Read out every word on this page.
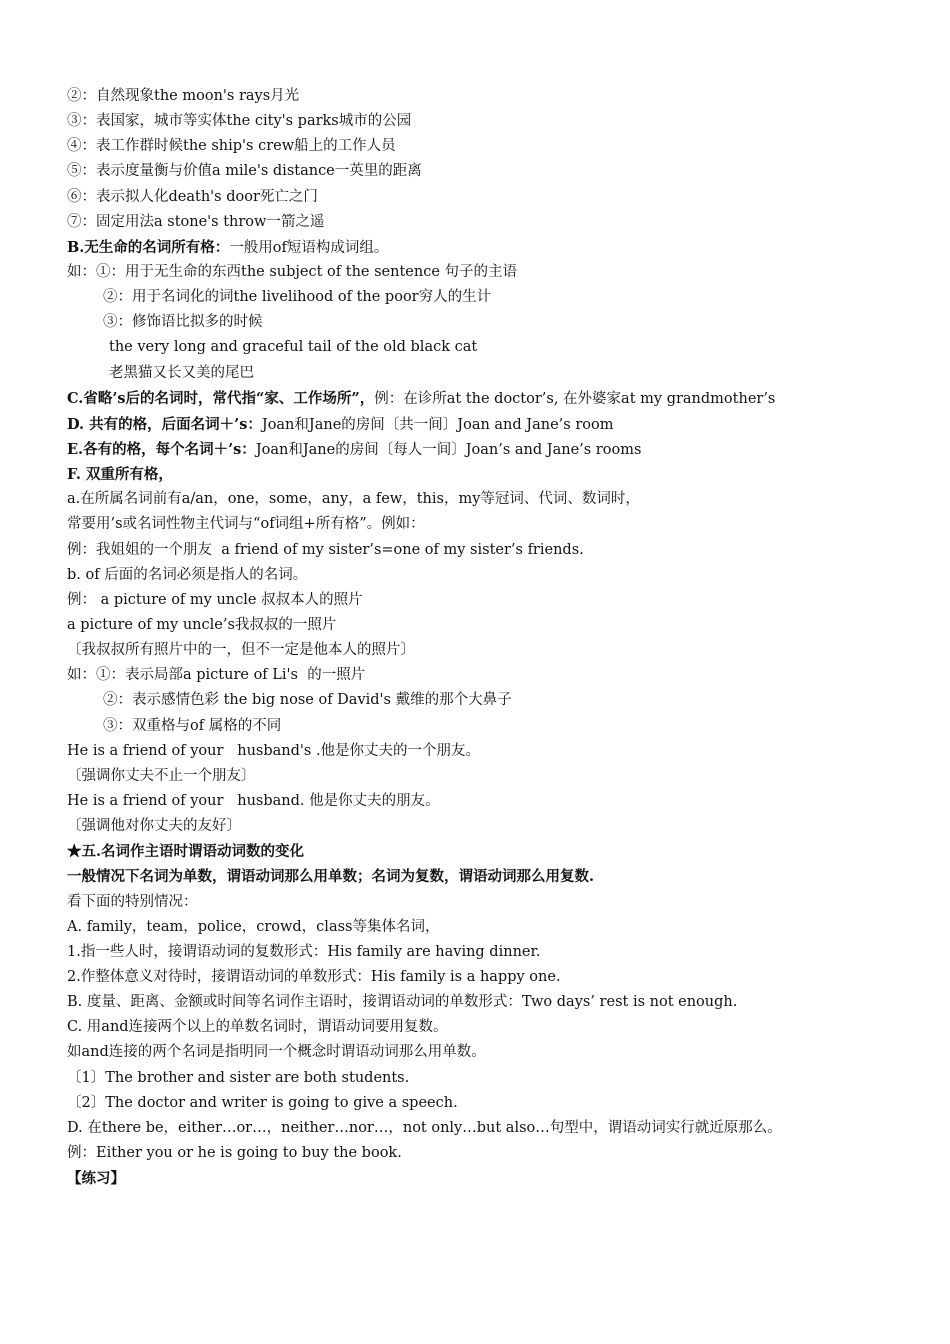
②：自然现象the moon's rays月光
③：表国家，城市等实体the city's parks城市的公园
④：表工作群时候the ship's crew船上的工作人员
⑤：表示度量衡与价值a mile's distance一英里的距离
⑥：表示拟人化death's door死亡之门
⑦：固定用法a stone's throw一箭之遥
B.无生命的名词所有格：一般用of短语构成词组。
如：①：用于无生命的东西the subject of the sentence 句子的主语
②：用于名词化的词the livelihood of the poor穷人的生计
③：修饰语比拟多的时候
the very long and graceful tail of the old black cat
老黑猫又长又美的尾巴
C.省略’s后的名词时，常代指“家、工作场所”，例：在诊所at the doctor’s, 在外婆家at my grandmother’s
D. 共有的格，后面名词＋’s：Joan和Jane的房间〔共一间〕Joan and Jane’s room
E.各有的格，每个名词＋’s：Joan和Jane的房间〔每人一间〕Joan’s and Jane’s rooms
F. 双重所有格，
a.在所属名词前有a/an，one，some，any，a few，this，my等冠词、代词、数词时，
常要用’s或名词性物主代词与“of词组+所有格”。例如：
例：我姐姐的一个朋友  a friend of my sister’s=one of my sister’s friends.
b. of 后面的名词必须是指人的名词。
例： a picture of my uncle 叔叔本人的照片
a picture of my uncle’s我叔叔的一照片
〔我叔叔所有照片中的一，但不一定是他本人的照片〕
如：①：表示局部a picture of Li's  的一照片
②：表示感情色彩 the big nose of David's 戴维的那个大鼻子
③：双重格与of 属格的不同
He is a friend of your   husband's .他是你丈夫的一个朋友。
〔强调你丈夫不止一个朋友〕
He is a friend of your   husband. 他是你丈夫的朋友。
〔强调他对你丈夫的友好〕
★五.名词作主语时谓语动词数的变化
一般情况下名词为单数，谓语动词那么用单数；名词为复数，谓语动词那么用复数.
看下面的特别情况：
A. family，team，police，crowd，class等集体名词，
1.指一些人时，接谓语动词的复数形式：His family are having dinner.
2.作整体意义对待时，接谓语动词的单数形式：His family is a happy one.
B. 度量、距离、金额或时间等名词作主语时，接谓语动词的单数形式：Two days’ rest is not enough.
C. 用and连接两个以上的单数名词时，谓语动词要用复数。
如and连接的两个名词是指明同一个概念时谓语动词那么用单数。
〔1〕The brother and sister are both students.
〔2〕The doctor and writer is going to give a speech.
D. 在there be，either…or…，neither…nor…，not only…but also…句型中，谓语动词实行就近原那么。
例：Either you or he is going to buy the book.
【练习】
